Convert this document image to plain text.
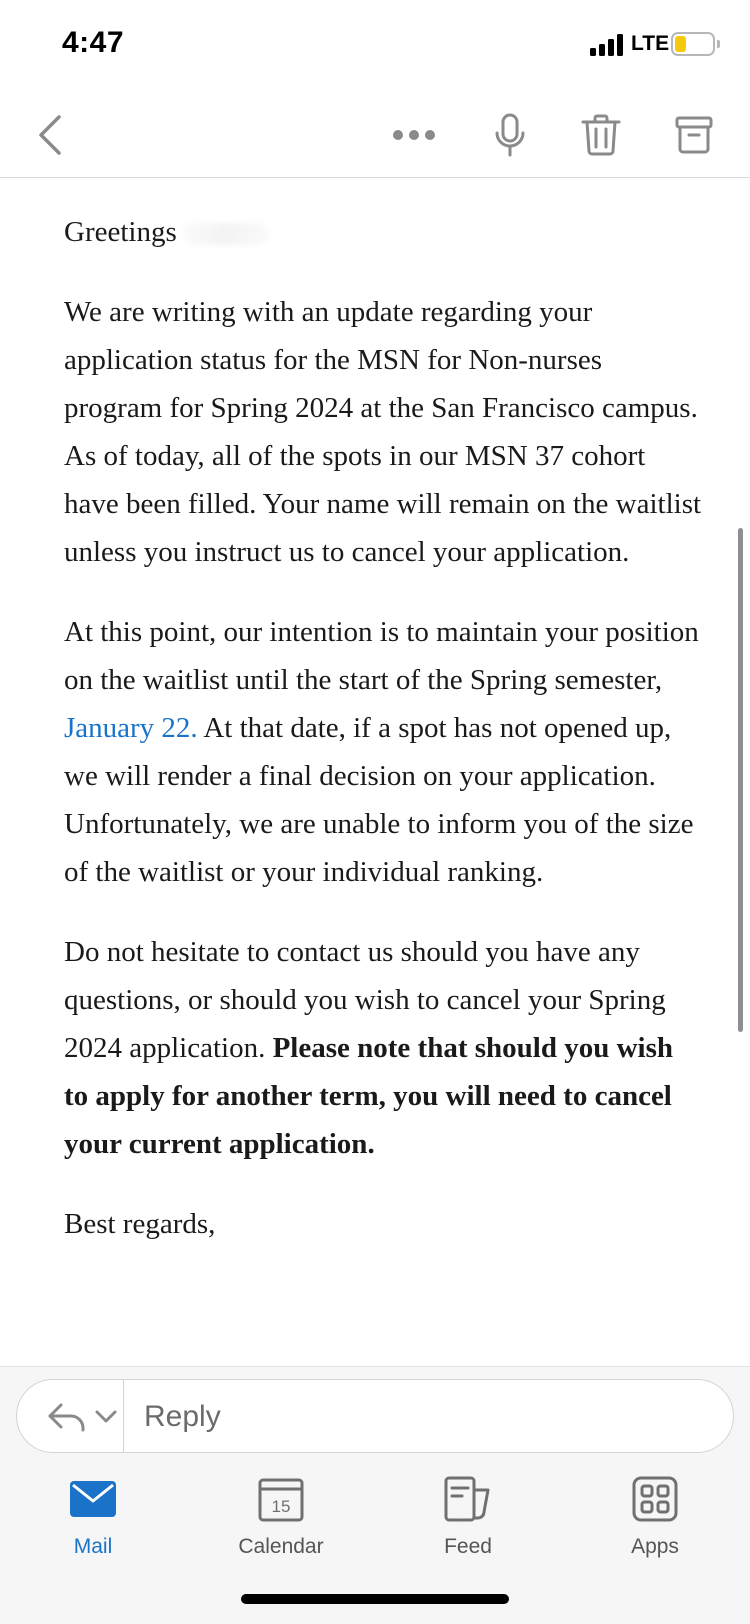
4:47	LTE
Greetings
We are writing with an update regarding your application status for the MSN for Non-nurses program for Spring 2024 at the San Francisco campus. As of today, all of the spots in our MSN 37 cohort have been filled. Your name will remain on the waitlist unless you instruct us to cancel your application.
At this point, our intention is to maintain your position on the waitlist until the start of the Spring semester, January 22. At that date, if a spot has not opened up, we will render a final decision on your application. Unfortunately, we are unable to inform you of the size of the waitlist or your individual ranking.
Do not hesitate to contact us should you have any questions, or should you wish to cancel your Spring 2024 application. Please note that should you wish to apply for another term, you will need to cancel your current application.
Best regards,
Reply
Mail
15
Calendar	Feed	Apps
